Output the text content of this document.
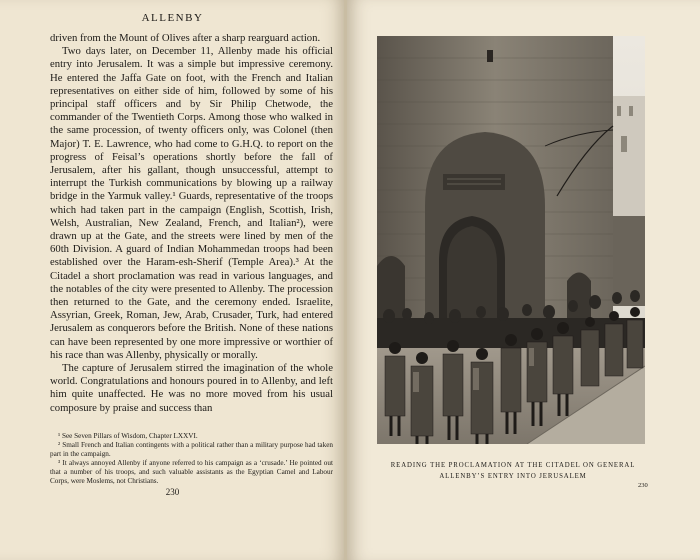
ALLENBY

driven from the Mount of Olives after a sharp rearguard action.

Two days later, on December 11, Allenby made his official entry into Jerusalem. It was a simple but impressive ceremony. He entered the Jaffa Gate on foot, with the French and Italian representatives on either side of him, followed by some of his principal staff officers and by Sir Philip Chetwode, the commander of the Twentieth Corps. Among those who walked in the same procession, of twenty officers only, was Colonel (then Major) T. E. Lawrence, who had come to G.H.Q. to report on the progress of Feisal’s operations shortly before the fall of Jerusalem, after his gallant, though unsuccessful, attempt to interrupt the Turkish communications by blowing up a railway bridge in the Yarmuk valley.¹ Guards, representative of the troops which had taken part in the campaign (English, Scottish, Irish, Welsh, Australian, New Zealand, French, and Italian²), were drawn up at the Gate, and the streets were lined by men of the 60th Division. A guard of Indian Mohammedan troops had been established over the Haram-esh-Sherif (Temple Area).³ At the Citadel a short proclamation was read in various languages, and the notables of the city were presented to Allenby. The procession then returned to the Gate, and the ceremony ended. Israelite, Assyrian, Greek, Roman, Jew, Arab, Crusader, Turk, had entered Jerusalem as conquerors before the British. None of these nations can have been represented by one more impressive or worthier of his race than was Allenby, physically or morally.

The capture of Jerusalem stirred the imagination of the whole world. Congratulations and honours poured in to Allenby, and left him quite unaffected. He was no more moved from his usual composure by praise and success than

¹ See Seven Pillars of Wisdom, Chapter LXXVI.
² Small French and Italian contingents with a political rather than a military purpose had taken part in the campaign.
³ It always annoyed Allenby if anyone referred to his campaign as a ‘crusade.’ He pointed out that a number of his troops, and such valuable assistants as the Egyptian Camel and Labour Corps, were Moslems, not Christians.
230
READING THE PROCLAMATION AT THE CITADEL ON GENERAL
ALLENBY’S ENTRY INTO JERUSALEM
230
